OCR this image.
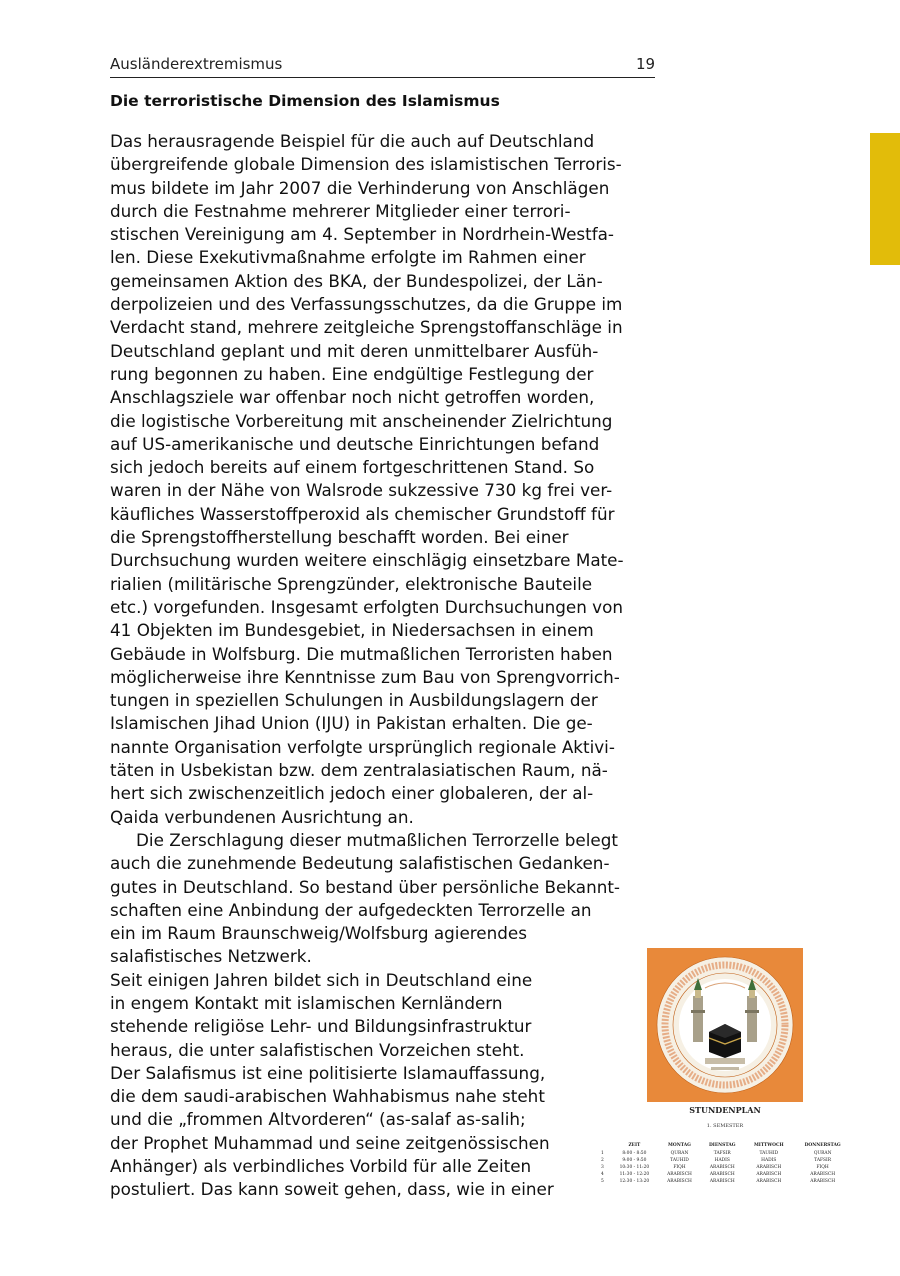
Ausländerextremismus	19
Die terroristische Dimension des Islamismus
Das herausragende Beispiel für die auch auf Deutschland
übergreifende globale Dimension des islamistischen Terroris-
mus bildete im Jahr 2007 die Verhinderung von Anschlägen
durch die Festnahme mehrerer Mitglieder einer terrori-
stischen Vereinigung am 4. September in Nordrhein-Westfa-
len. Diese Exekutivmaßnahme erfolgte im Rahmen einer
gemeinsamen Aktion des BKA, der Bundespolizei, der Län-
derpolizeien und des Verfassungsschutzes, da die Gruppe im
Verdacht stand, mehrere zeitgleiche Sprengstoffanschläge in
Deutschland geplant und mit deren unmittelbarer Ausfüh-
rung begonnen zu haben. Eine endgültige Festlegung der
Anschlagsziele war offenbar noch nicht getroffen worden,
die logistische Vorbereitung mit anscheinender Zielrichtung
auf US-amerikanische und deutsche Einrichtungen befand
sich jedoch bereits auf einem fortgeschrittenen Stand. So
waren in der Nähe von Walsrode sukzessive 730 kg frei ver-
käufliches Wasserstoffperoxid als chemischer Grundstoff für
die Sprengstoffherstellung beschafft worden. Bei einer
Durchsuchung wurden weitere einschlägig einsetzbare Mate-
rialien (militärische Sprengzünder, elektronische Bauteile
etc.) vorgefunden. Insgesamt erfolgten Durchsuchungen von
41 Objekten im Bundesgebiet, in Niedersachsen in einem
Gebäude in Wolfsburg. Die mutmaßlichen Terroristen haben
möglicherweise ihre Kenntnisse zum Bau von Sprengvorrich-
tungen in speziellen Schulungen in Ausbildungslagern der
Islamischen Jihad Union (IJU) in Pakistan erhalten. Die ge-
nannte Organisation verfolgte ursprünglich regionale Aktivi-
täten in Usbekistan bzw. dem zentralasiatischen Raum, nä-
hert sich zwischenzeitlich jedoch einer globaleren, der al-
Qaida verbundenen Ausrichtung an.
Die Zerschlagung dieser mutmaßlichen Terrorzelle belegt
auch die zunehmende Bedeutung salafistischen Gedanken-
gutes in Deutschland. So bestand über persönliche Bekannt-
schaften eine Anbindung der aufgedeckten Terrorzelle an
ein im Raum Braunschweig/Wolfsburg agierendes
salafistisches Netzwerk.
Seit einigen Jahren bildet sich in Deutschland eine
in engem Kontakt mit islamischen Kernländern
stehende religiöse Lehr- und Bildungsinfrastruktur
heraus, die unter salafistischen Vorzeichen steht.
Der Salafismus ist eine politisierte Islamauffassung,
die dem saudi-arabischen Wahhabismus nahe steht
und die „frommen Altvorderen“ (as-salaf as-salih;
der Prophet Muhammad und seine zeitgenössischen
Anhänger) als verbindliches Vorbild für alle Zeiten
postuliert. Das kann soweit gehen, dass, wie in einer
STUNDENPLAN
1. SEMESTER
	ZEIT	MONTAG	DIENSTAG	MITTWOCH	DONNERSTAG
1	8:00 - 8:50	QURAN	TAFSIR	TAUHID	QURAN
2	9:00 - 9:50	TAUHID	HADIS	HADIS	TAFSIR
3	10:30 - 11:20	FIQH	ARABISCH	ARABISCH	FIQH
4	11:30 - 12:20	ARABISCH	ARABISCH	ARABISCH	ARABISCH
5	12:30 - 13:20	ARABISCH	ARABISCH	ARABISCH	ARABISCH
